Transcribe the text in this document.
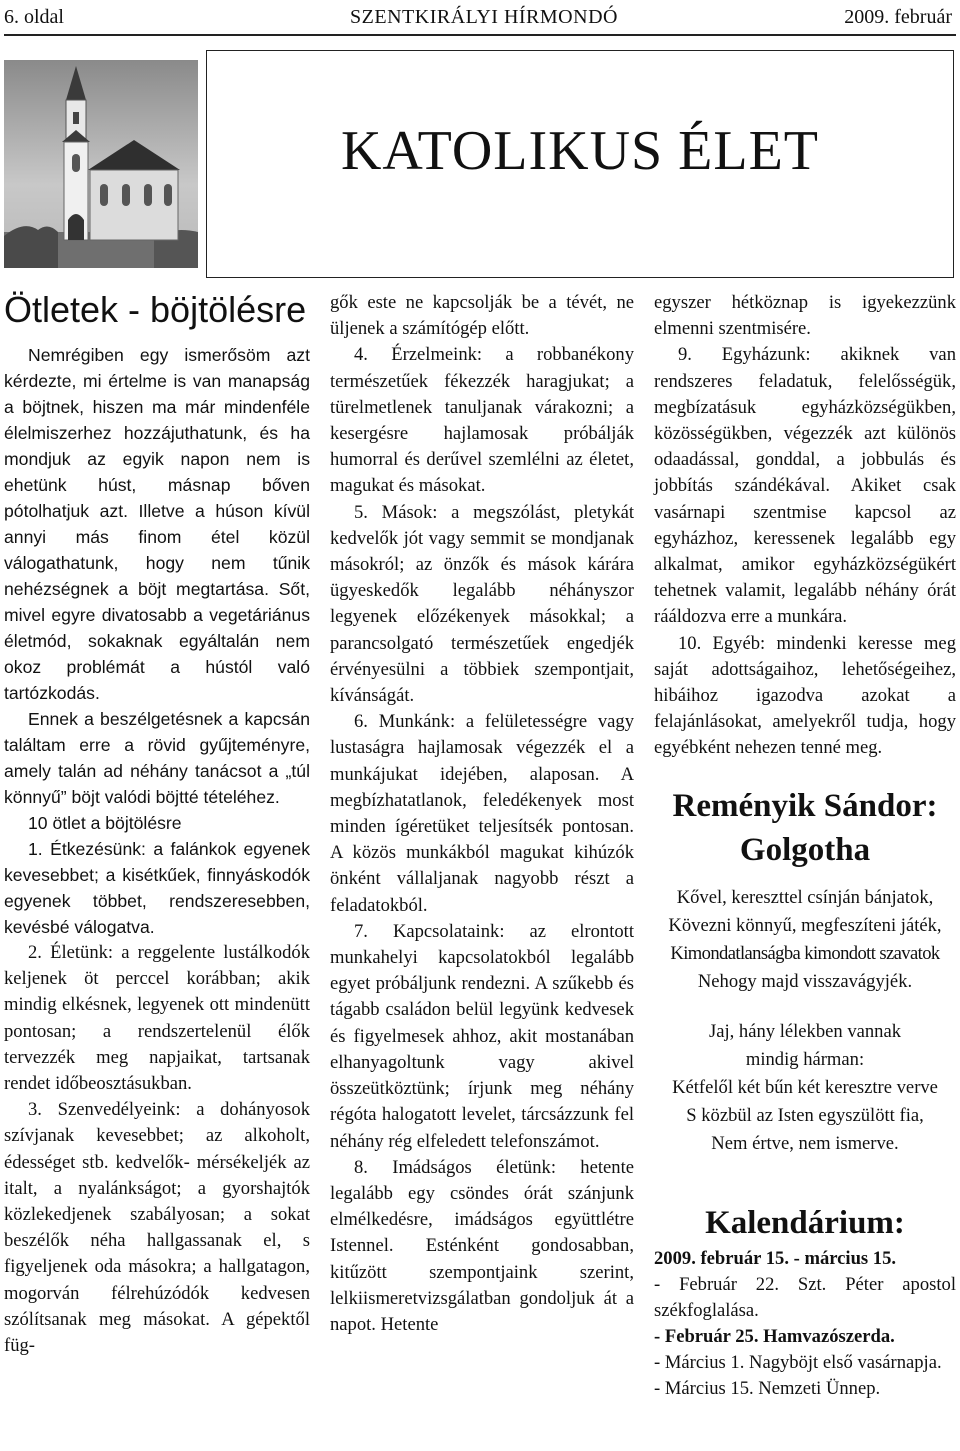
6. oldal	SZENTKIRÁLYI HÍRMONDÓ	2009. február
KATOLIKUS ÉLET
Ötletek - böjtölésre

Nemrégiben egy ismerősöm azt kérdezte, mi értelme is van manapság a böjtnek, hiszen ma már mindenféle élelmiszerhez hozzájuthatunk, és ha mondjuk az egyik napon nem is ehetünk húst, másnap bőven pótolhatjuk azt. Illetve a húson kívül annyi más finom étel közül válogathatunk, hogy nem tűnik nehézségnek a böjt megtartása. Sőt, mivel egyre divatosabb a vegetáriánus életmód, sokaknak egyáltalán nem okoz problémát a hústól való tartózkodás.

Ennek a beszélgetésnek a kapcsán találtam erre a rövid gyűjteményre, amely talán ad néhány tanácsot a „túl könnyű” böjt valódi böjtté tételéhez.

10 ötlet a böjtölésre

1. Étkezésünk: a falánkok egyenek kevesebbet; a kisétkűek, finnyáskodók egyenek többet, rendszeresebben, kevésbé válogatva.

2. Életünk: a reggelente lustálkodók keljenek öt perccel korábban; akik mindig elkésnek, legyenek ott mindenütt pontosan; a rendszertelenül élők tervezzék meg napjaikat, tartsanak rendet időbeosztásukban.

3. Szenvedélyeink: a dohányosok szívjanak kevesebbet; az alkoholt, édességet stb. kedvelők- mérsékeljék az italt, a nyalánkságot; a gyorshajtók közlekedjenek szabályosan; a sokat beszélők néha hallgassanak el, s figyeljenek oda másokra; a hallgatagon, mogorván félrehúzódók kedvesen szólítsanak meg másokat. A gépektől füg-

gők este ne kapcsolják be a tévét, ne üljenek a számítógép előtt.

4. Érzelmeink: a robbanékony természetűek fékezzék haragjukat; a türelmetlenek tanuljanak várakozni; a kesergésre hajlamosak próbálják humorral és derűvel szemlélni az életet, magukat és másokat.

5. Mások: a megszólást, pletykát kedvelők jót vagy semmit se mondjanak másokról; az önzők és mások kárára ügyeskedők legalább néhányszor legyenek előzékenyek másokkal; a parancsolgató természetűek engedjék érvényesülni a többiek szempontjait, kívánságát.

6. Munkánk: a felületességre vagy lustaságra hajlamosak végezzék el a munkájukat idejében, alaposan. A megbízhatatlanok, feledékenyek most minden ígéretüket teljesítsék pontosan. A közös munkákból magukat kihúzók önként vállaljanak nagyobb részt a feladatokból.

7. Kapcsolataink: az elrontott munkahelyi kapcsolatokból legalább egyet próbáljunk rendezni. A szűkebb és tágabb családon belül legyünk kedvesek és figyelmesek ahhoz, akit mostanában elhanyagoltunk vagy akivel összeütköztünk; írjunk meg néhány régóta halogatott levelet, tárcsázzunk fel néhány rég elfeledett telefonszámot.

8. Imádságos életünk: hetente legalább egy csöndes órát szánjunk elmélkedésre, imádságos együttlétre Istennel. Esténként gondosabban, kitűzött szempontjaink szerint, lelkiismeretvizsgálatban gondoljuk át a napot. Hetente

egyszer hétköznap is igyekezzünk elmenni szentmisére.

9. Egyházunk: akiknek van rendszeres feladatuk, felelősségük, megbízatásuk egyházközségükben, közösségükben, végezzék azt különös odaadással, gonddal, a jobbulás és jobbítás szándékával. Akiket csak vasárnapi szentmise kapcsol az egyházhoz, keressenek legalább egy alkalmat, amikor egyházközségükért tehetnek valamit, legalább néhány órát rááldozva erre a munkára.

10. Egyéb: mindenki keresse meg saját adottságaihoz, lehetőségeihez, hibáihoz igazodva azokat a felajánlásokat, amelyekről tudja, hogy egyébként nehezen tenné meg.

Reményik Sándor:
Golgotha

Kővel, kereszttel csínján bánjatok,

Kövezni könnyű, megfeszíteni játék,

Kimondatlanságba kimondott szavatok

Nehogy majd visszavágyjék.

Jaj, hány lélekben vannak

mindig hárman:

Kétfelől két bűn két keresztre verve

S közbül az Isten egyszülött fia,

Nem értve, nem ismerve.

Kalendárium:

2009. február 15. - március 15.

- Február 22. Szt. Péter apostol székfoglalása.

- Február 25. Hamvazószerda.

- Március 1. Nagyböjt első vasárnapja.

- Március 15. Nemzeti Ünnep.
